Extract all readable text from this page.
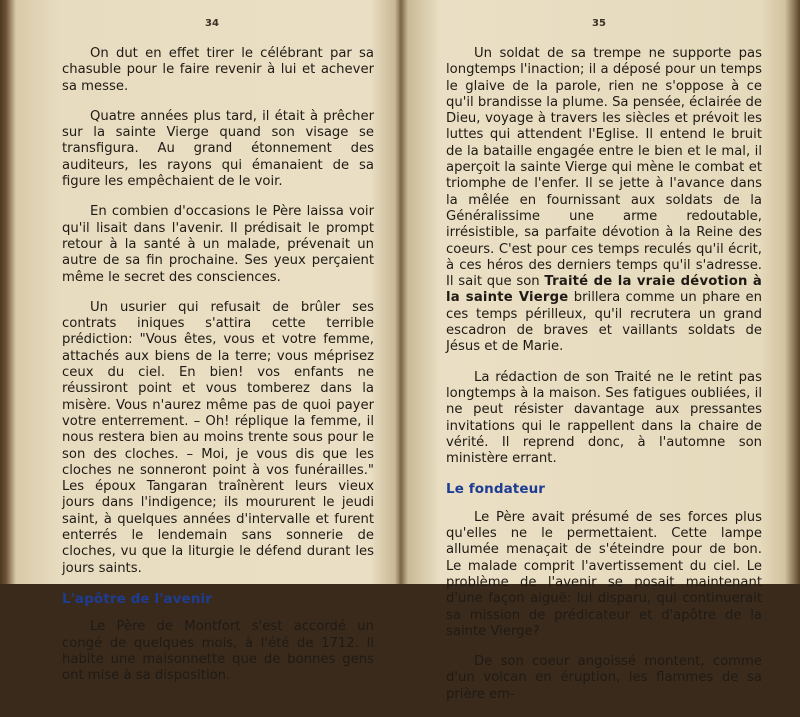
34

On dut en effet tirer le célébrant par sa chasuble pour le faire revenir à lui et achever sa messe.

Quatre années plus tard, il était à prêcher sur la sainte Vierge quand son visage se transfigura. Au grand étonnement des auditeurs, les rayons qui émanaient de sa figure les empêchaient de le voir.

En combien d'occasions le Père laissa voir qu'il lisait dans l'avenir. Il prédisait le prompt retour à la santé à un malade, prévenait un autre de sa fin prochaine. Ses yeux perçaient même le secret des consciences.

Un usurier qui refusait de brûler ses contrats iniques s'attira cette terrible prédiction: "Vous êtes, vous et votre femme, attachés aux biens de la terre; vous méprisez ceux du ciel. En bien! vos enfants ne réussiront point et vous tomberez dans la misère. Vous n'aurez même pas de quoi payer votre enterrement. – Oh! réplique la femme, il nous restera bien au moins trente sous pour le son des cloches. – Moi, je vous dis que les cloches ne sonneront point à vos funérailles." Les époux Tangaran traînèrent leurs vieux jours dans l'indigence; ils moururent le jeudi saint, à quelques années d'intervalle et furent enterrés le lendemain sans sonnerie de cloches, vu que la liturgie le défend durant les jours saints.

L'apôtre de l'avenir

Le Père de Montfort s'est accordé un congé de quelques mois, à l'été de 1712. Il habite une maisonnette que de bonnes gens ont mise à sa disposition.

35

Un soldat de sa trempe ne supporte pas longtemps l'inaction; il a déposé pour un temps le glaive de la parole, rien ne s'oppose à ce qu'il brandisse la plume. Sa pensée, éclairée de Dieu, voyage à travers les siècles et prévoit les luttes qui attendent l'Eglise. Il entend le bruit de la bataille engagée entre le bien et le mal, il aperçoit la sainte Vierge qui mène le combat et triomphe de l'enfer. Il se jette à l'avance dans la mêlée en fournissant aux soldats de la Généralissime une arme redoutable, irrésistible, sa parfaite dévotion à la Reine des coeurs. C'est pour ces temps reculés qu'il écrit, à ces héros des derniers temps qu'il s'adresse. Il sait que son Traité de la vraie dévotion à la sainte Vierge brillera comme un phare en ces temps périlleux, qu'il recrutera un grand escadron de braves et vaillants soldats de Jésus et de Marie.

La rédaction de son Traité ne le retint pas longtemps à la maison. Ses fatigues oubliées, il ne peut résister davantage aux pressantes invitations qui le rappellent dans la chaire de vérité. Il reprend donc, à l'automne son ministère errant.

Le fondateur

Le Père avait présumé de ses forces plus qu'elles ne le permettaient. Cette lampe allumée menaçait de s'éteindre pour de bon. Le malade comprit l'avertissement du ciel. Le problème de l'avenir se posait maintenant d'une façon aiguë: lui disparu, qui continuerait sa mission de prédicateur et d'apôtre de la sainte Vierge?

De son coeur angoissé montent, comme d'un volcan en éruption, les flammes de sa prière em-
